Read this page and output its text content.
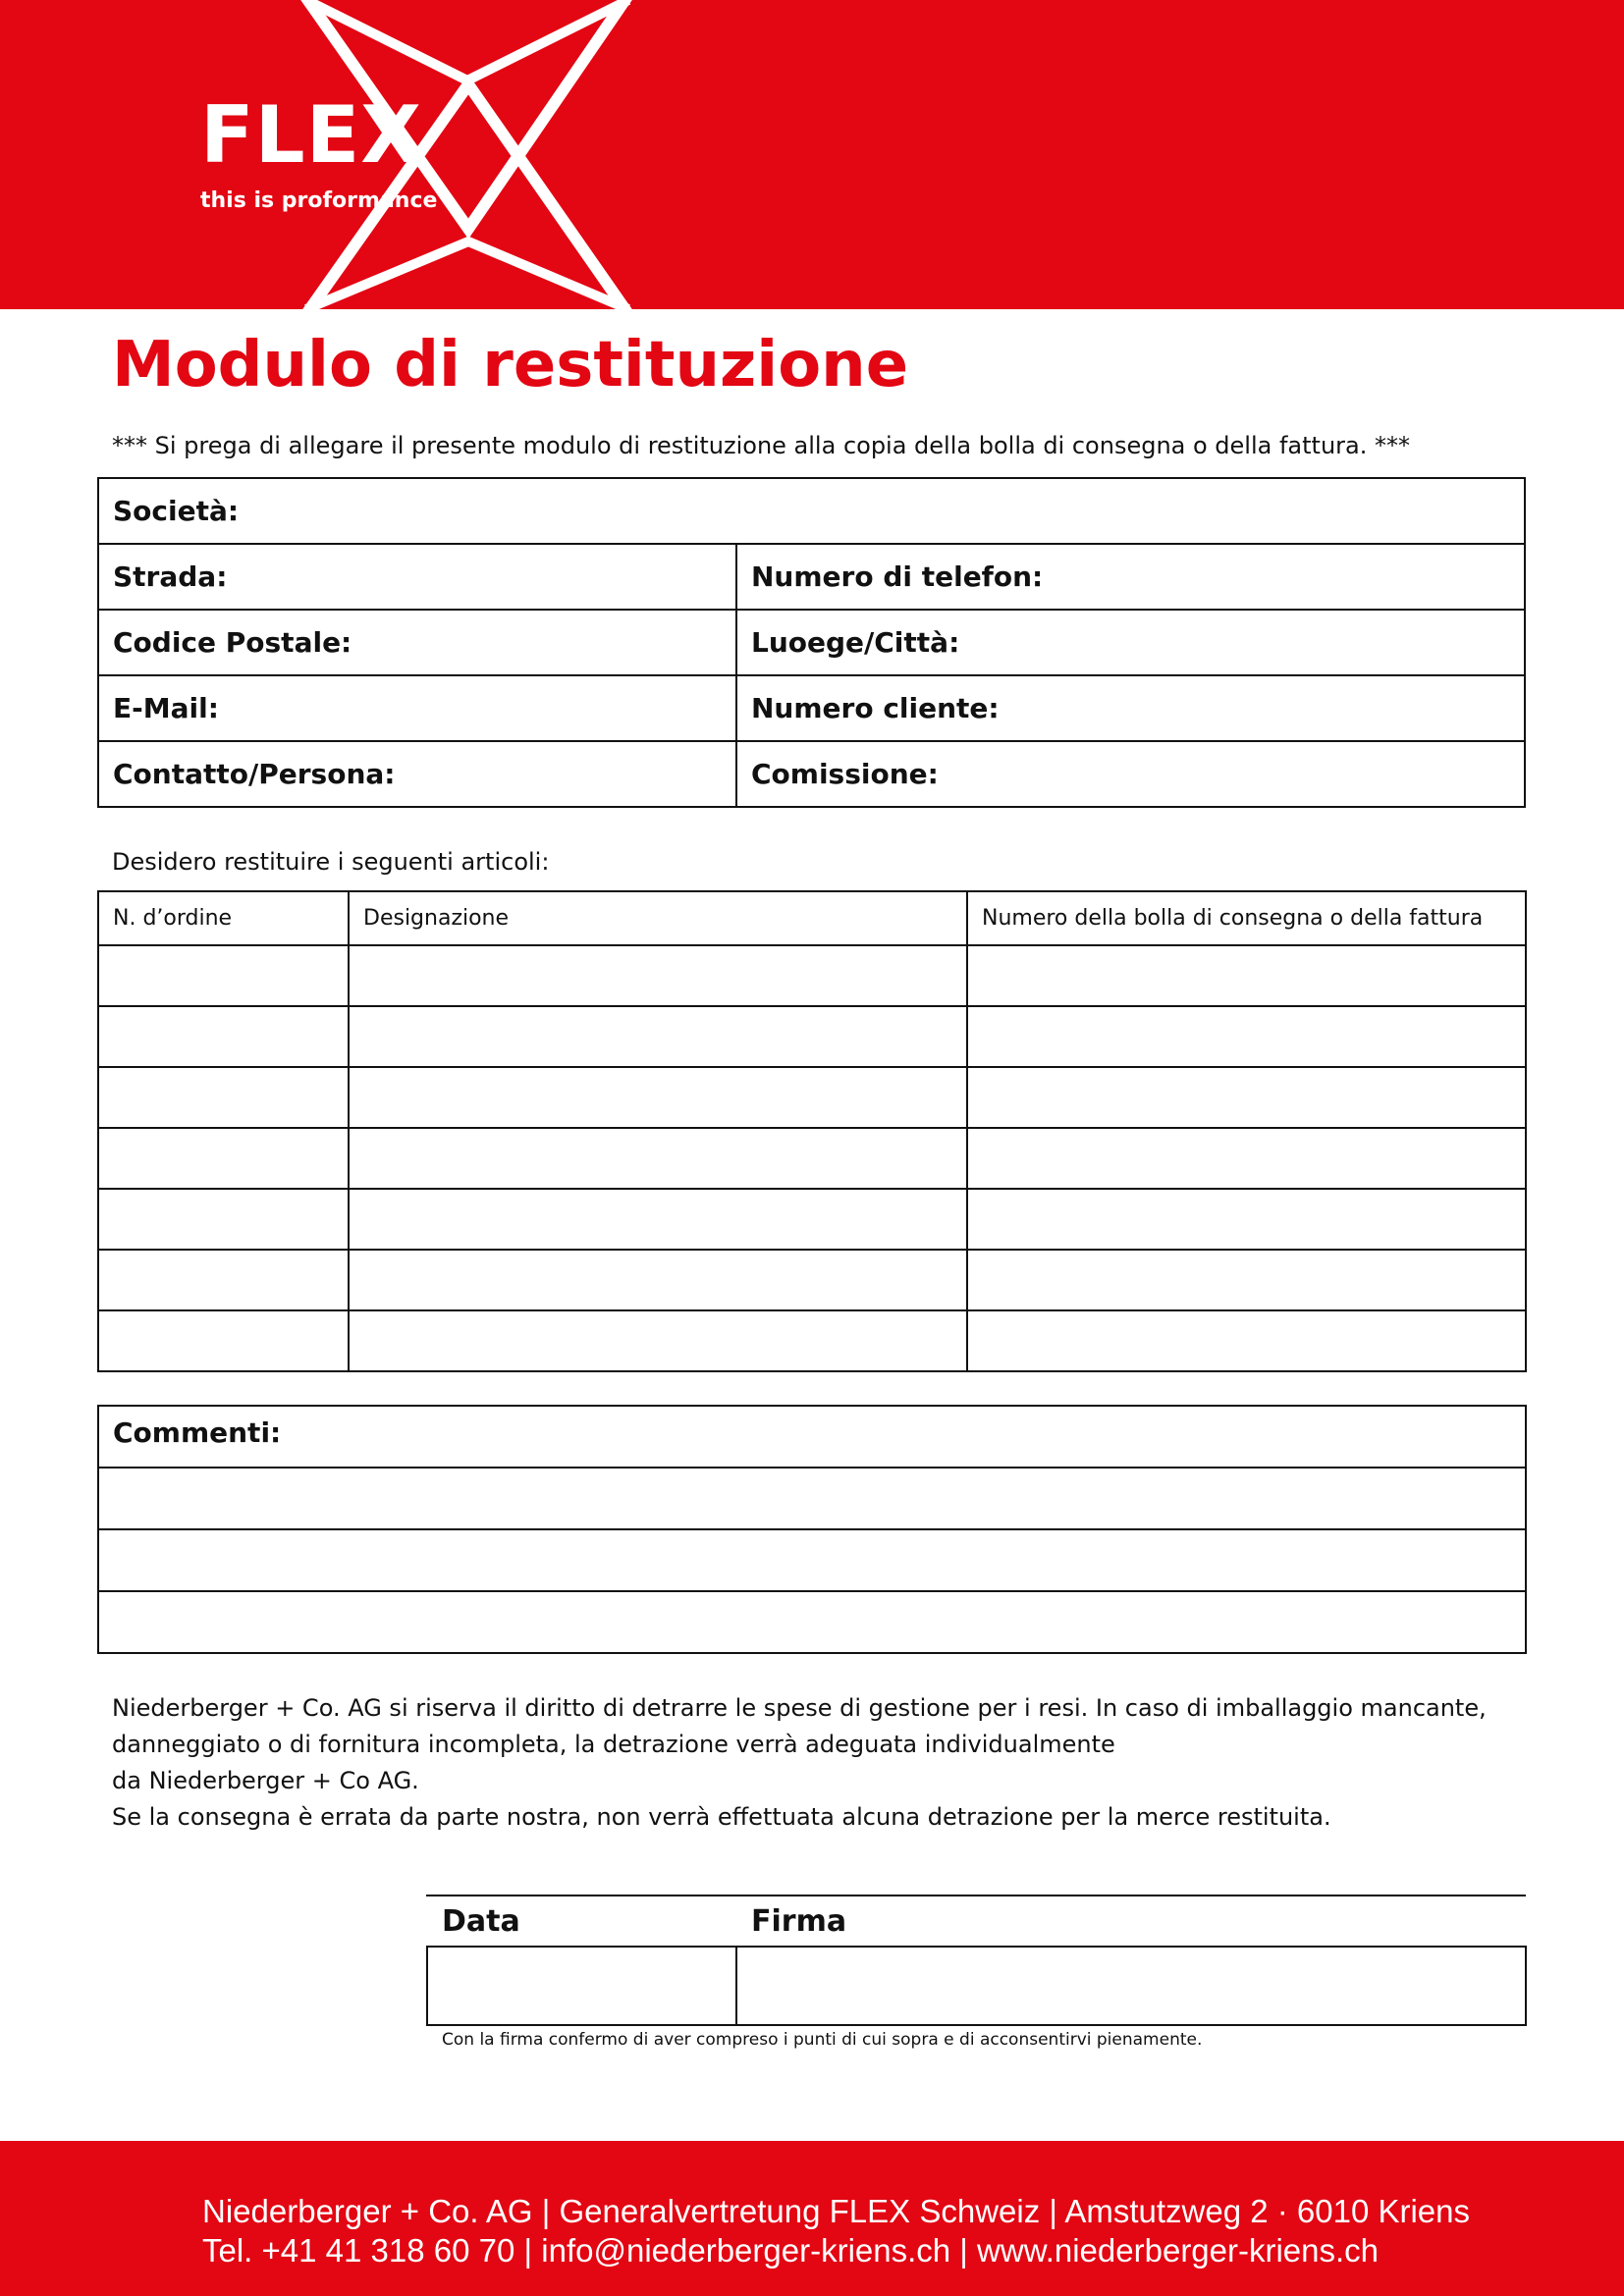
FLEX
this is proformance
Modulo di restituzione
*** Si prega di allegare il presente modulo di restituzione alla copia della bolla di consegna o della fattura. ***
Società:	
Strada:	Numero di telefon:
Codice Postale:	Luoege/Città:
E-Mail:	Numero cliente:
Contatto/Persona:	Comissione:
Desidero restituire i seguenti articoli:
N. d’ordine	Designazione	Numero della bolla di consegna o della fattura

Commenti:

Niederberger + Co. AG si riserva il diritto di detrarre le spese di gestione per i resi. In caso di imballaggio mancante,

danneggiato o di fornitura incompleta, la detrazione verrà adeguata individualmente

da Niederberger + Co AG.

Se la consegna è errata da parte nostra, non verrà effettuata alcuna detrazione per la merce restituita.

Data	Firma

Con la firma confermo di aver compreso i punti di cui sopra e di acconsentirvi pienamente.
Niederberger + Co. AG | Generalvertretung FLEX Schweiz | Amstutzweg 2 · 6010 Kriens
Tel. +41 41 318 60 70 | info@niederberger-kriens.ch | www.niederberger-kriens.ch
